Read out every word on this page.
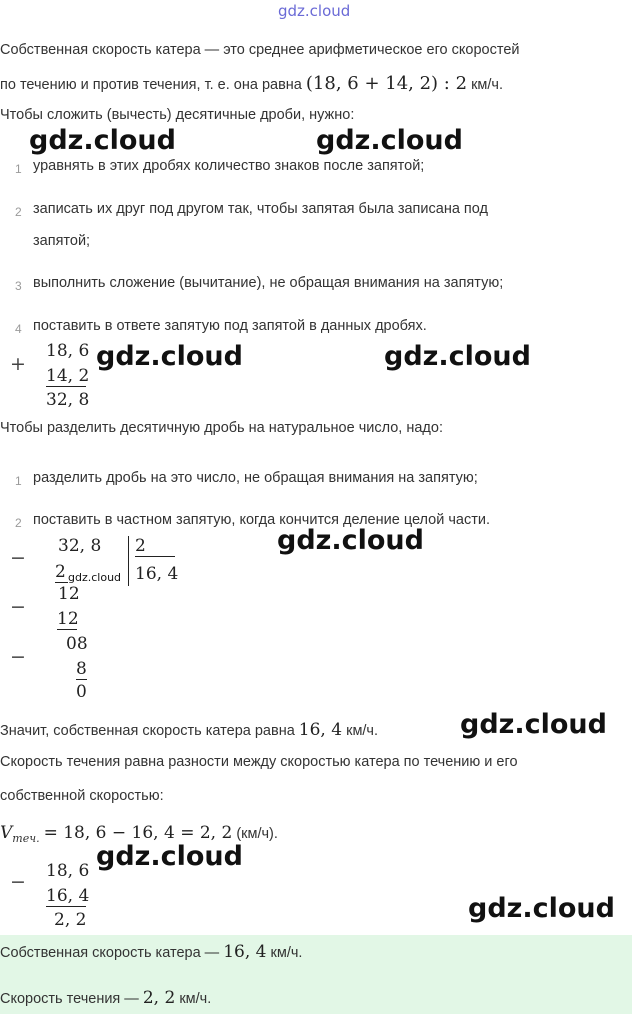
gdz.cloud
Собственная скорость катера — это среднее арифметическое его скоростей
по течению и против течения, т. е. она равна (18, 6 + 14, 2) : 2 км/ч.
Чтобы сложить (вычесть) десятичные дроби, нужно:
1 уравнять в этих дробях количество знаков после запятой;
2 записать их друг под другом так, чтобы запятая была записана под
запятой;
3 выполнить сложение (вычитание), не обращая внимания на запятую;
4 поставить в ответе запятую под запятой в данных дробях.
+
18, 6
14, 2
32, 8
Чтобы разделить десятичную дробь на натуральное число, надо:
1 разделить дробь на это число, не обращая внимания на запятую;
2 поставить в частном запятую, когда кончится деление целой части.
−
−
−
32, 8 2
16, 4
2 gdz.cloud
12
12
08
8
0
Значит, собственная скорость катера равна 16, 4 км/ч.
Скорость течения равна разности между скоростью катера по течению и его
собственной скоростью:
$V_{теч.} = 18$, 6 − 16, 4 = 2, 2 (км/ч).
− 18, 6
16, 4
2, 2
Собственная скорость катера — 16, 4 км/ч.
Скорость течения — 2, 2 км/ч.
gdz.cloud	gdz.cloud
gdz.cloud	gdz.cloud
gdz.cloud
gdz.cloud
gdz.cloud
gdz.cloud
